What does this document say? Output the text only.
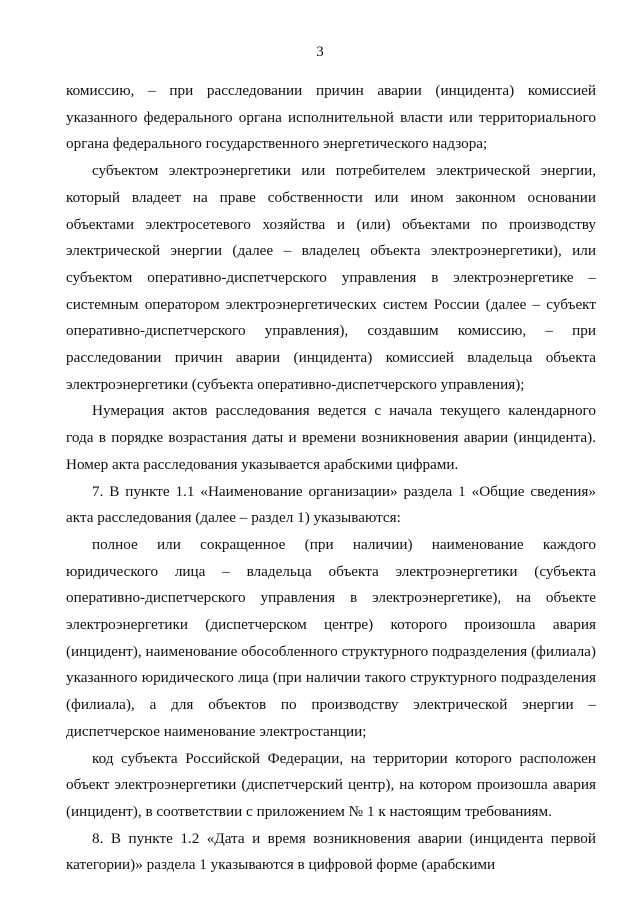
3

комиссию, – при расследовании причин аварии (инцидента) комиссией указанного федерального органа исполнительной власти или территориального органа федерального государственного энергетического надзора;

субъектом электроэнергетики или потребителем электрической энергии, который владеет на праве собственности или ином законном основании объектами электросетевого хозяйства и (или) объектами по производству электрической энергии (далее – владелец объекта электроэнергетики), или субъектом оперативно-диспетчерского управления в электроэнергетике – системным оператором электроэнергетических систем России (далее – субъект оперативно-диспетчерского управления), создавшим комиссию, – при расследовании причин аварии (инцидента) комиссией владельца объекта электроэнергетики (субъекта оперативно-диспетчерского управления);

Нумерация актов расследования ведется с начала текущего календарного года в порядке возрастания даты и времени возникновения аварии (инцидента). Номер акта расследования указывается арабскими цифрами.

7. В пункте 1.1 «Наименование организации» раздела 1 «Общие сведения» акта расследования (далее – раздел 1) указываются:

полное или сокращенное (при наличии) наименование каждого юридического лица – владельца объекта электроэнергетики (субъекта оперативно-диспетчерского управления в электроэнергетике), на объекте электроэнергетики (диспетчерском центре) которого произошла авария (инцидент), наименование обособленного структурного подразделения (филиала) указанного юридического лица (при наличии такого структурного подразделения (филиала), а для объектов по производству электрической энергии – диспетчерское наименование электростанции;

код субъекта Российской Федерации, на территории которого расположен объект электроэнергетики (диспетчерский центр), на котором произошла авария (инцидент), в соответствии с приложением № 1 к настоящим требованиям.

8. В пункте 1.2 «Дата и время возникновения аварии (инцидента первой категории)» раздела 1 указываются в цифровой форме (арабскими
